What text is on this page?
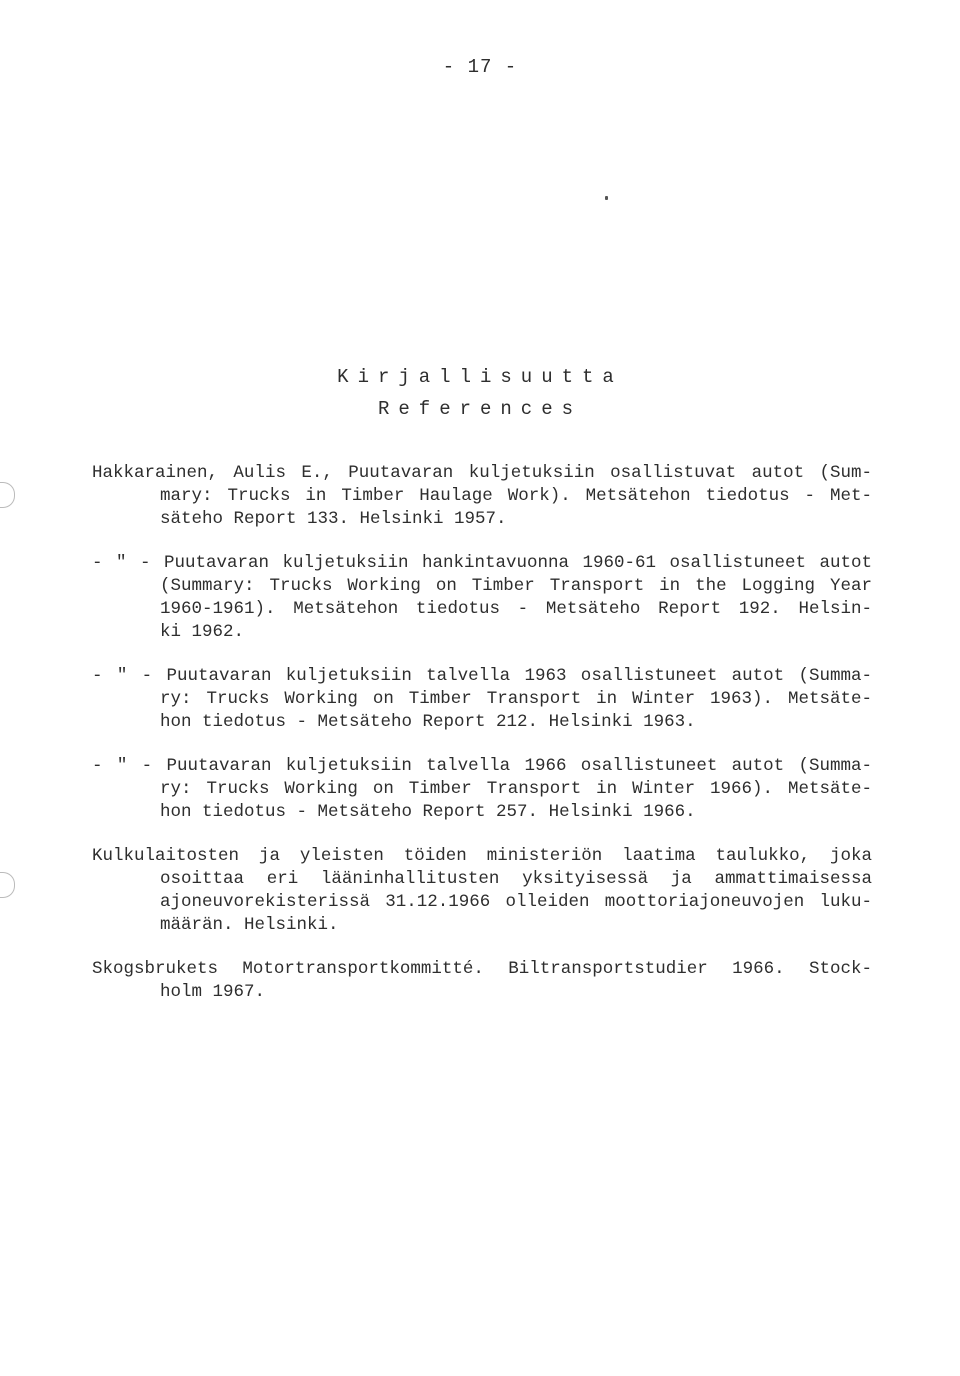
- 17 -
Kirjallisuutta
References
Hakkarainen, Aulis E., Puutavaran kuljetuksiin osallistuvat autot (Sum-
mary: Trucks in Timber Haulage Work). Metsätehon tiedotus - Met-
säteho Report 133. Helsinki 1957.
- " - Puutavaran kuljetuksiin hankintavuonna 1960-61 osallistuneet autot
(Summary: Trucks Working on Timber Transport in the Logging Year
1960-1961). Metsätehon tiedotus - Metsäteho Report 192. Helsin-
ki 1962.
- " - Puutavaran kuljetuksiin talvella 1963 osallistuneet autot (Summa-
ry: Trucks Working on Timber Transport in Winter 1963). Metsäte-
hon tiedotus - Metsäteho Report 212. Helsinki 1963.
- " - Puutavaran kuljetuksiin talvella 1966 osallistuneet autot (Summa-
ry: Trucks Working on Timber Transport in Winter 1966). Metsäte-
hon tiedotus - Metsäteho Report 257. Helsinki 1966.
Kulkulaitosten ja yleisten töiden ministeriön laatima taulukko, joka
osoittaa eri lääninhallitusten yksityisessä ja ammattimaisessa
ajoneuvorekisterissä 31.12.1966 olleiden moottoriajoneuvojen luku-
määrän. Helsinki.
Skogsbrukets Motortransportkommitté. Biltransportstudier 1966. Stock-
holm 1967.
